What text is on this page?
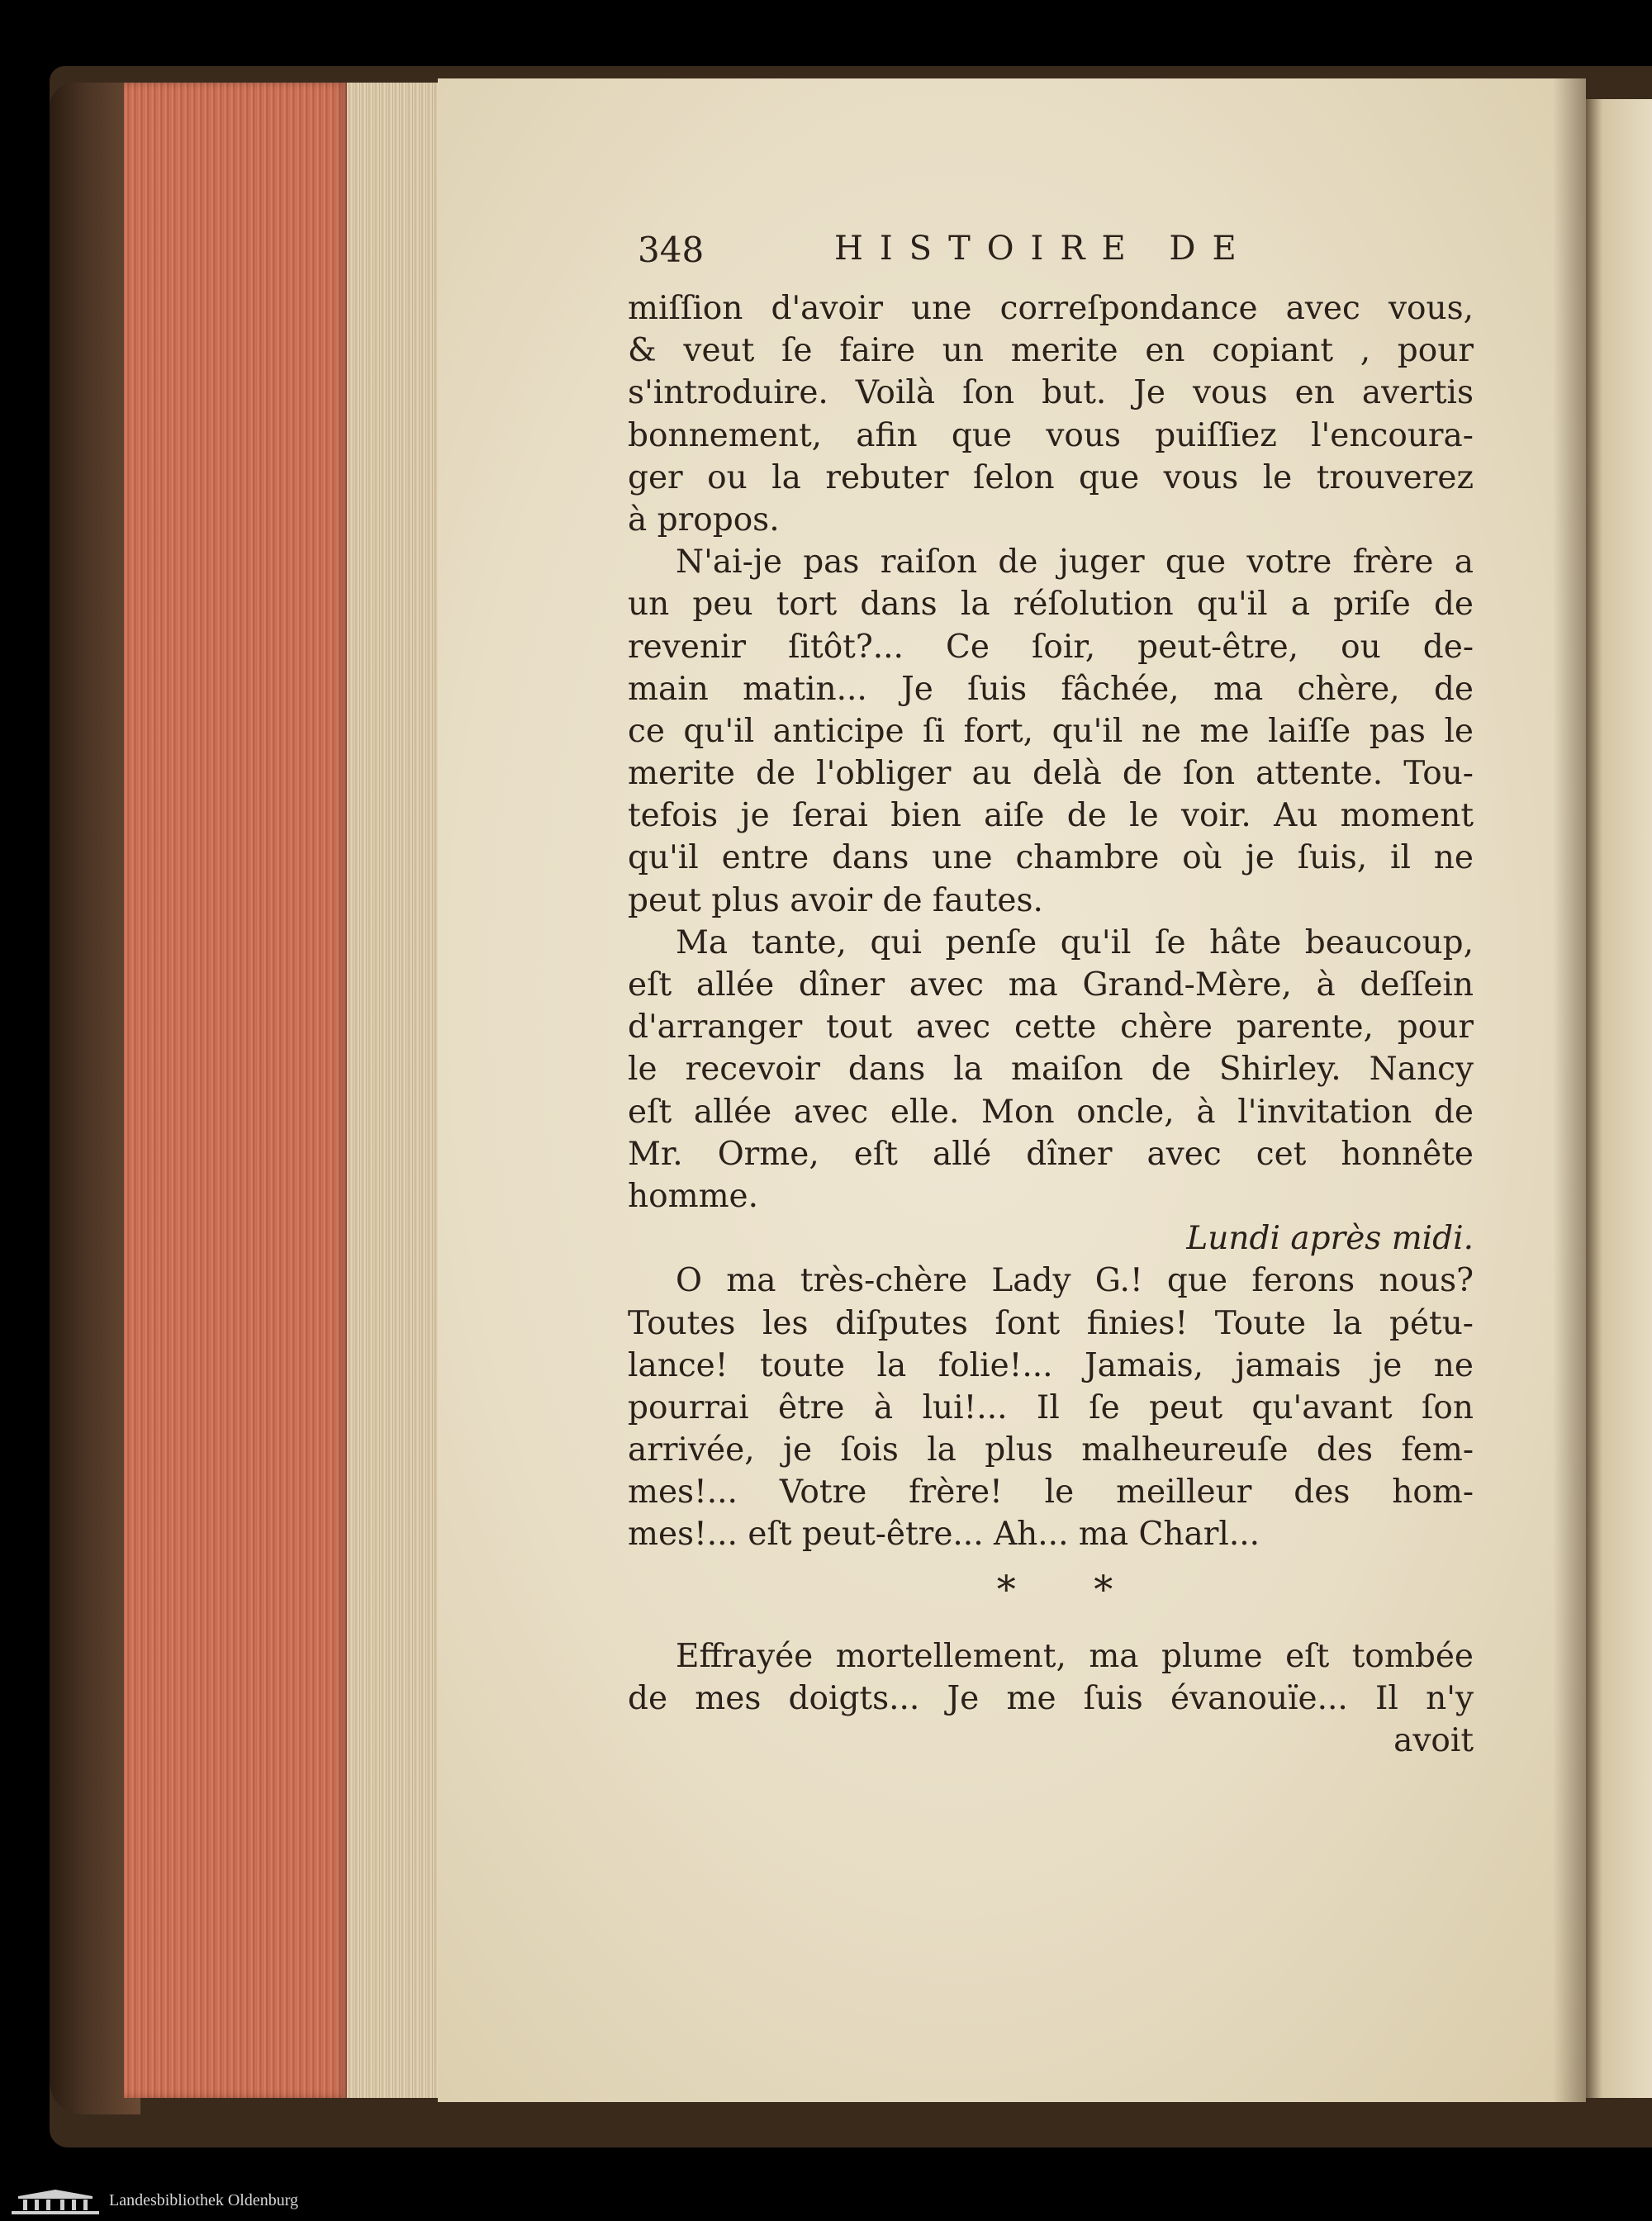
348	HISTOIRE DE
miſſion d'avoir une correſpondance avec vous,
& veut ſe faire un merite en copiant , pour
s'introduire. Voilà ſon but. Je vous en avertis
bonnement, afin que vous puiſſiez l'encoura-
ger ou la rebuter ſelon que vous le trouverez
à propos.
N'ai-je pas raiſon de juger que votre frère a
un peu tort dans la réſolution qu'il a priſe de
revenir ſitôt?... Ce ſoir, peut-être, ou de-
main matin... Je ſuis fâchée, ma chère, de
ce qu'il anticipe ſi fort, qu'il ne me laiſſe pas le
merite de l'obliger au delà de ſon attente. Tou-
tefois je ſerai bien aiſe de le voir. Au moment
qu'il entre dans une chambre où je ſuis, il ne
peut plus avoir de fautes.
Ma tante, qui penſe qu'il ſe hâte beaucoup,
eſt allée dîner avec ma Grand-Mère, à deſſein
d'arranger tout avec cette chère parente, pour
le recevoir dans la maiſon de Shirley. Nancy
eſt allée avec elle. Mon oncle, à l'invitation de
Mr. Orme, eſt allé dîner avec cet honnête
homme.
Lundi après midi.
O ma très-chère Lady G.! que ferons nous?
Toutes les diſputes ſont finies! Toute la pétu-
lance! toute la folie!... Jamais, jamais je ne
pourrai être à lui!... Il ſe peut qu'avant ſon
arrivée, je ſois la plus malheureuſe des fem-
mes!... Votre frère! le meilleur des hom-
mes!... eſt peut-être... Ah... ma Charl...
* *
Effrayée mortellement, ma plume eſt tombée
de mes doigts... Je me ſuis évanouïe... Il n'y
avoit
Landesbibliothek Oldenburg
